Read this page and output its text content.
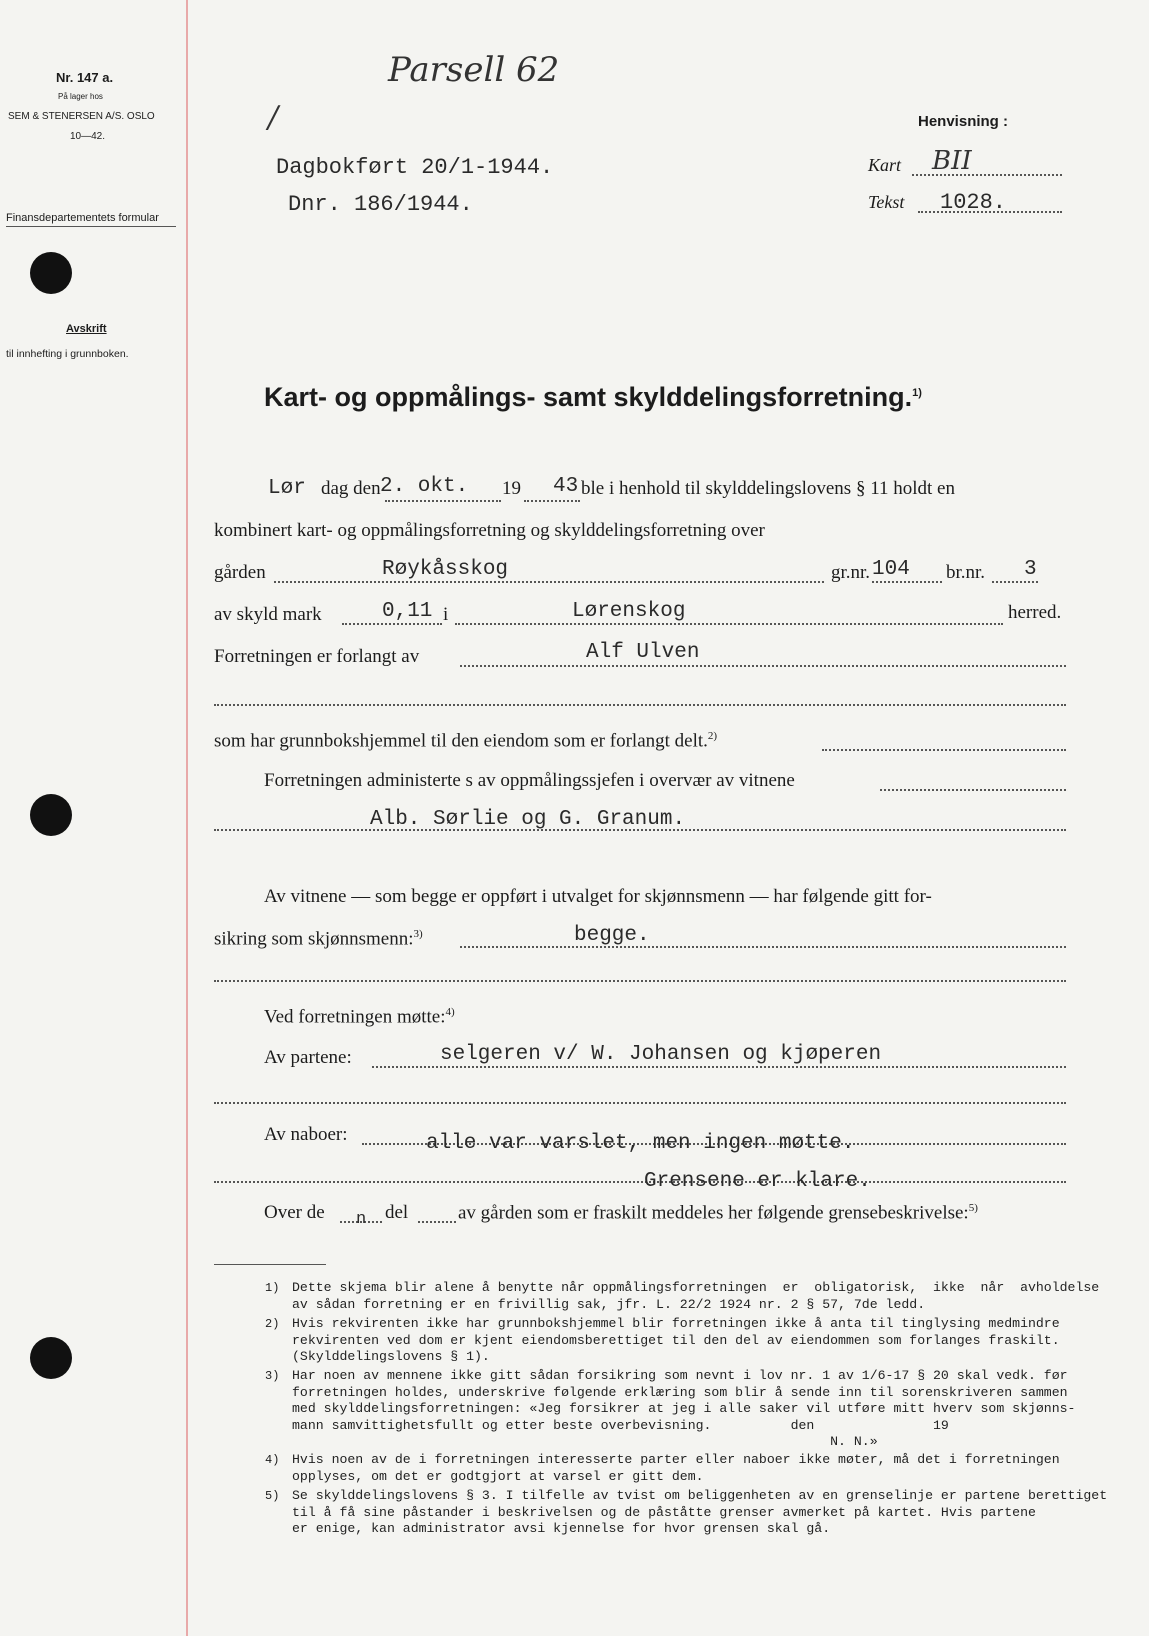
Nr. 147 a.
På lager hos
SEM & STENERSEN A/S. OSLO
10—42.
Finansdepartementets formular
Avskrift
til innhefting i grunnboken.
Parsell 62
/
Dagbokført 20/1-1944.
Dnr. 186/1944.
Henvisning :
Kart BII
Tekst 1028.
Kart- og oppmålings- samt skylddelingsforretning.$^{1)}$
Lør dag den 2. okt. 19 43 ble i henhold til skylddelingslovens § 11 holdt en
kombinert kart- og oppmålingsforretning og skylddelingsforretning over
gården	Røykåsskog	gr.nr. 104 br.nr. 3
av skyld mark	0,11 i	Lørenskog	herred.
Forretningen er forlangt av	Alf Ulven
som har grunnbokshjemmel til den eiendom som er forlangt delt.$^{2)}$
Forretningen administerte s av oppmålingssjefen i overvær av vitnene
Alb. Sørlie og G. Granum.
Av vitnene — som begge er oppført i utvalget for skjønnsmenn — har følgende gitt for-
sikring som skjønnsmenn:$^{3)}$	begge.
Ved forretningen møtte:$^{4)}$
Av partene:	selgeren v/ W. Johansen og kjøperen
Av naboer:	alle var varslet, men ingen møtte.
Grensene er klare.
Over de n del	av gården som er fraskilt meddeles her følgende grensebeskrivelse:$^{5)}$
1) Dette skjema blir alene å benytte når oppmålingsforretningen  er  obligatorisk,  ikke  når  avholdelse
av sådan forretning er en frivillig sak, jfr. L. 22/2 1924 nr. 2 § 57, 7de ledd.
2) Hvis rekvirenten ikke har grunnbokshjemmel blir forretningen ikke å anta til tinglysing medmindre
rekvirenten ved dom er kjent eiendomsberettiget til den del av eiendommen som forlanges fraskilt.
(Skylddelingslovens § 1).
3) Har noen av mennene ikke gitt sådan forsikring som nevnt i lov nr. 1 av 1/6-17 § 20 skal vedk. før
forretningen holdes, underskrive følgende erklæring som blir å sende inn til sorenskriveren sammen
med skylddelingsforretningen: «Jeg forsikrer at jeg i alle saker vil utføre mitt hverv som skjønns-
mann samvittighetsfullt og etter beste overbevisning.          den               19
N. N.»
4) Hvis noen av de i forretningen interesserte parter eller naboer ikke møter, må det i forretningen
opplyses, om det er godtgjort at varsel er gitt dem.
5) Se skylddelingslovens § 3. I tilfelle av tvist om beliggenheten av en grenselinje er partene berettiget
til å få sine påstander i beskrivelsen og de påståtte grenser avmerket på kartet. Hvis partene
er enige, kan administrator avsi kjennelse for hvor grensen skal gå.
